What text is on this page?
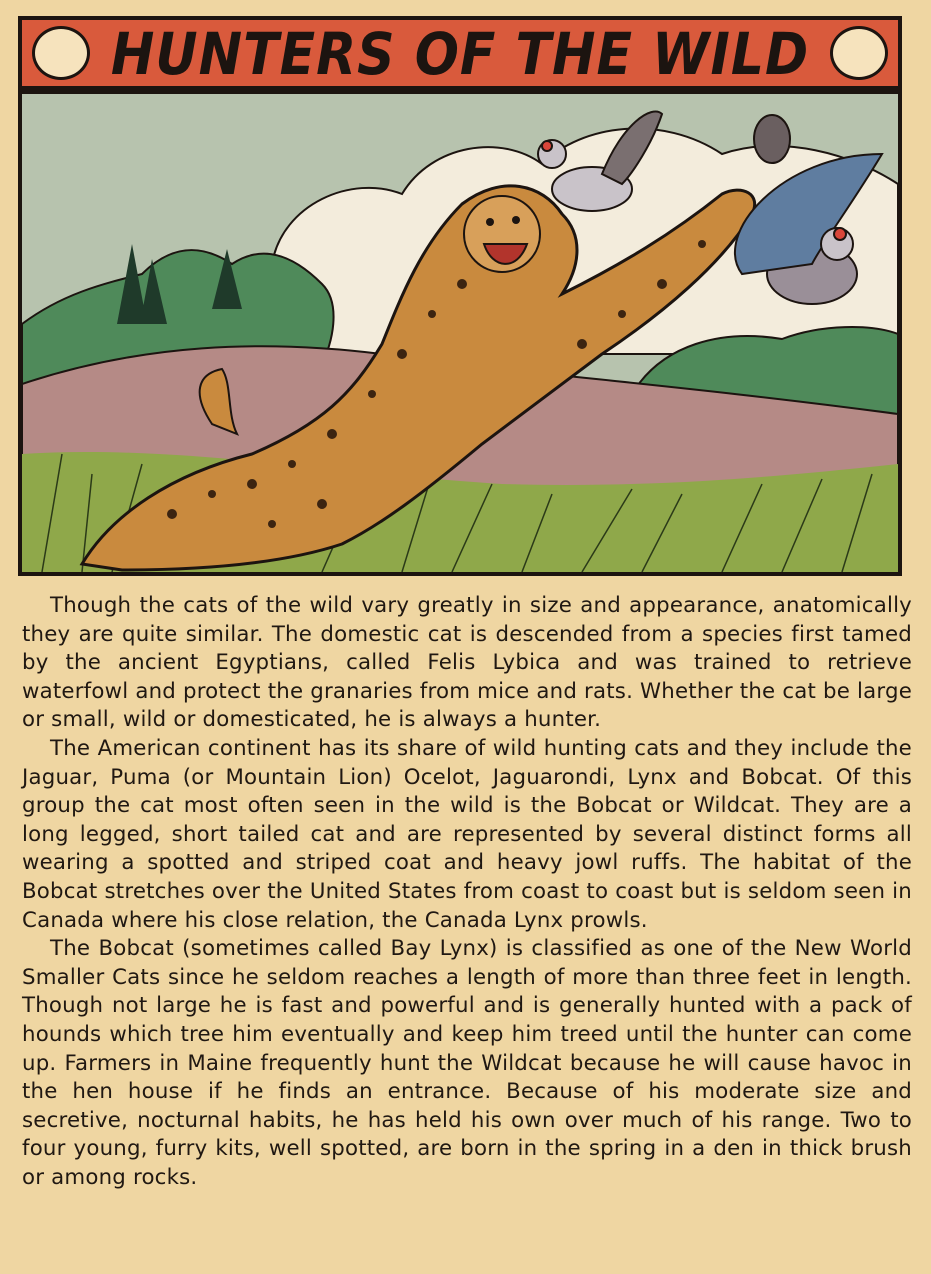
HUNTERS OF THE WILD

Though the cats of the wild vary greatly in size and appearance, anatomically they are quite similar. The domestic cat is descended from a species first tamed by the ancient Egyptians, called Felis Lybica and was trained to retrieve waterfowl and protect the granaries from mice and rats. Whether the cat be large or small, wild or domesticated, he is always a hunter.

The American continent has its share of wild hunting cats and they include the Jaguar, Puma (or Mountain Lion) Ocelot, Jaguarondi, Lynx and Bobcat. Of this group the cat most often seen in the wild is the Bobcat or Wildcat. They are a long legged, short tailed cat and are represented by several distinct forms all wearing a spotted and striped coat and heavy jowl ruffs. The habitat of the Bobcat stretches over the United States from coast to coast but is seldom seen in Canada where his close relation, the Canada Lynx prowls.

The Bobcat (sometimes called Bay Lynx) is classified as one of the New World Smaller Cats since he seldom reaches a length of more than three feet in length. Though not large he is fast and powerful and is generally hunted with a pack of hounds which tree him eventually and keep him treed until the hunter can come up. Farmers in Maine frequently hunt the Wildcat because he will cause havoc in the hen house if he finds an entrance. Because of his moderate size and secretive, nocturnal habits, he has held his own over much of his range. Two to four young, furry kits, well spotted, are born in the spring in a den in thick brush or among rocks.
